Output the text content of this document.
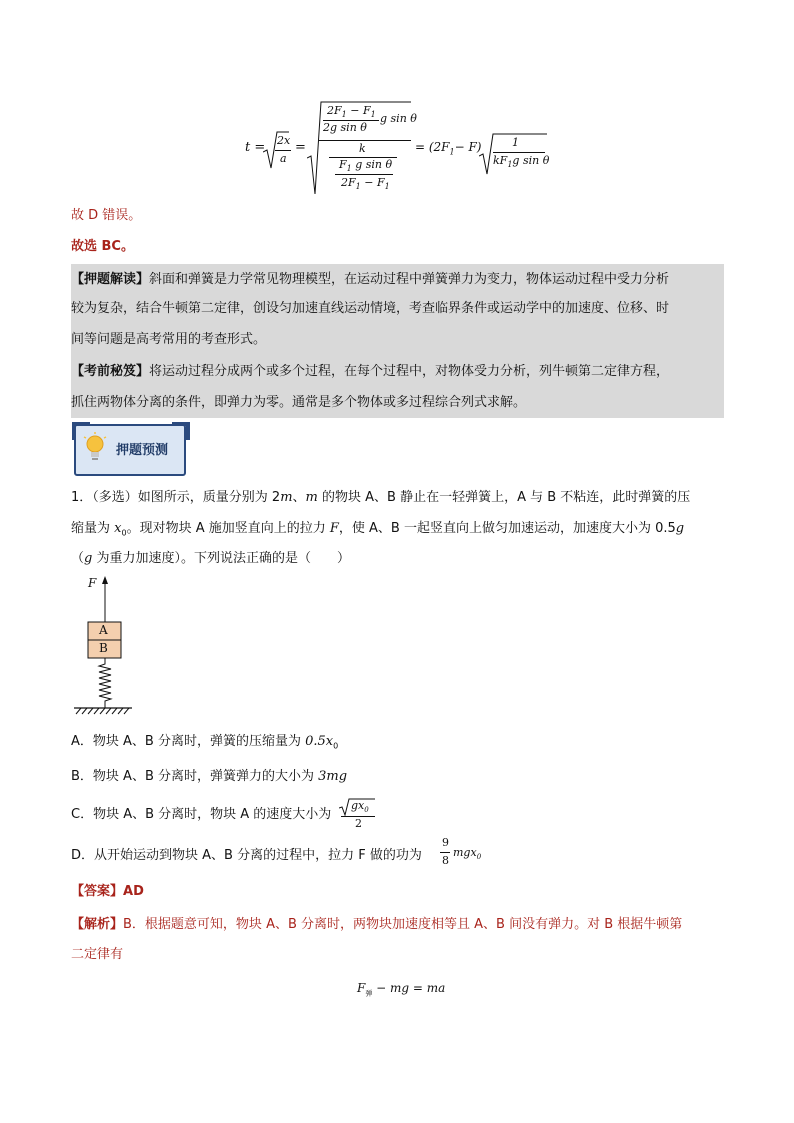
t = 2x
a
=
$2F_1 - F_1$
2g sin θ
g sin θ
k
$F_1$ g sin θ
$2F_1 - F_1$
= $(2F_1- F)$	1
$kF_1g$ sin θ
故 D 错误。
故选 BC。
【押题解读】斜面和弹簧是力学常见物理模型，在运动过程中弹簧弹力为变力，物体运动过程中受力分析
较为复杂，结合牛顿第二定律，创设匀加速直线运动情境，考查临界条件或运动学中的加速度、位移、时
间等问题是高考常用的考查形式。
【考前秘笈】将运动过程分成两个或多个过程，在每个过程中，对物体受力分析，列牛顿第二定律方程，
抓住两物体分离的条件，即弹力为零。通常是多个物体或多过程综合列式求解。
押题预测
1．（多选）如图所示，质量分别为 2m、m 的物块 A、B 静止在一轻弹簧上，A 与 B 不粘连，此时弹簧的压
缩量为 $x_0$。现对物块 A 施加竖直向上的拉力 F，使 A、B 一起竖直向上做匀加速运动，加速度大小为 0.5g
（g 为重力加速度）。下列说法正确的是（　　）
F
A
B
A．物块 A、B 分离时，弹簧的压缩量为 $0.5x_0$
B．物块 A、B 分离时，弹簧弹力的大小为 3mg
C．物块 A、B 分离时，物块 A 的速度大小为
$gx_0$
2
D．从开始运动到物块 A、B 分离的过程中，拉力 F 做的功为
9
8
mgx$_0$
【答案】AD
【解析】B．根据题意可知，物块 A、B 分离时，两物块加速度相等且 A、B 间没有弹力。对 B 根据牛顿第
二定律有
$F_弹$ − mg = ma
